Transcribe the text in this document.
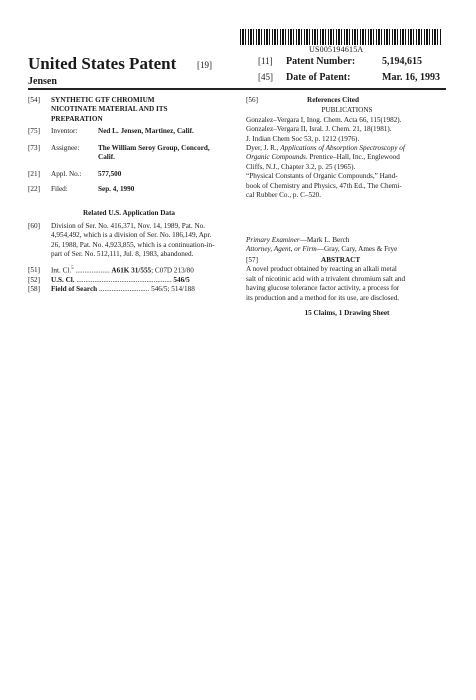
US005194615A
United States Patent [19]
Jensen
[11] Patent Number:	5,194,615
[45] Date of Patent:	Mar. 16, 1993
[54] SYNTHETIC GTF CHROMIUM
NICOTINATE MATERIAL AND ITS
PREPARATION
[75] Inventor:	Ned L. Jensen, Martinez, Calif.
[73] Assignee:	The William Seroy Group, Concord,
Calif.
[21] Appl. No.: 577,500
[22] Filed:	Sep. 4, 1990
Related U.S. Application Data
[60] Division of Ser. No. 416,371, Nov. 14, 1989, Pat. No.
4,954,492, which is a division of Ser. No. 186,149, Apr.
26, 1988, Pat. No. 4,923,855, which is a continuation-in-
part of Ser. No. 512,111, Jul. 8, 1983, abandoned.
[51] Int. Cl.$^5$ ................... A61K 31/555; C07D 213/80
[52] U.S. Cl. ..................................................... 546/5
[58] Field of Search ............................ 546/5; 514/188
[56]	References Cited
PUBLICATIONS
Gonzalez–Vergara I, Inog. Chem. Acta 66, 115(1982).
Gonzalez–Vergara II, Isral. J. Chem. 21, 18(1981).
J. Indian Chem Soc 53, p. 1212 (1976).
Dyer, J. R., Applications of Absorption Spectroscopy of
Organic Compounds. Prentice–Hall, Inc., Englewood
Cliffs, N.J., Chapter 3.2, p. 25 (1965).
“Physical Constants of Organic Compounds,” Hand-
book of Chemistry and Physics, 47th Ed., The Chemi-
cal Rubber Co., p. C–520.
Primary Examiner—Mark L. Berch
Attorney, Agent, or Firm—Gray, Cary, Ames & Frye
[57]	ABSTRACT
A novel product obtained by reacting an alkali metal
salt of nicotinic acid with a trivalent chromium salt and
having glucose tolerance factor activity, a process for
its production and a method for its use, are disclosed.
15 Claims, 1 Drawing Sheet
